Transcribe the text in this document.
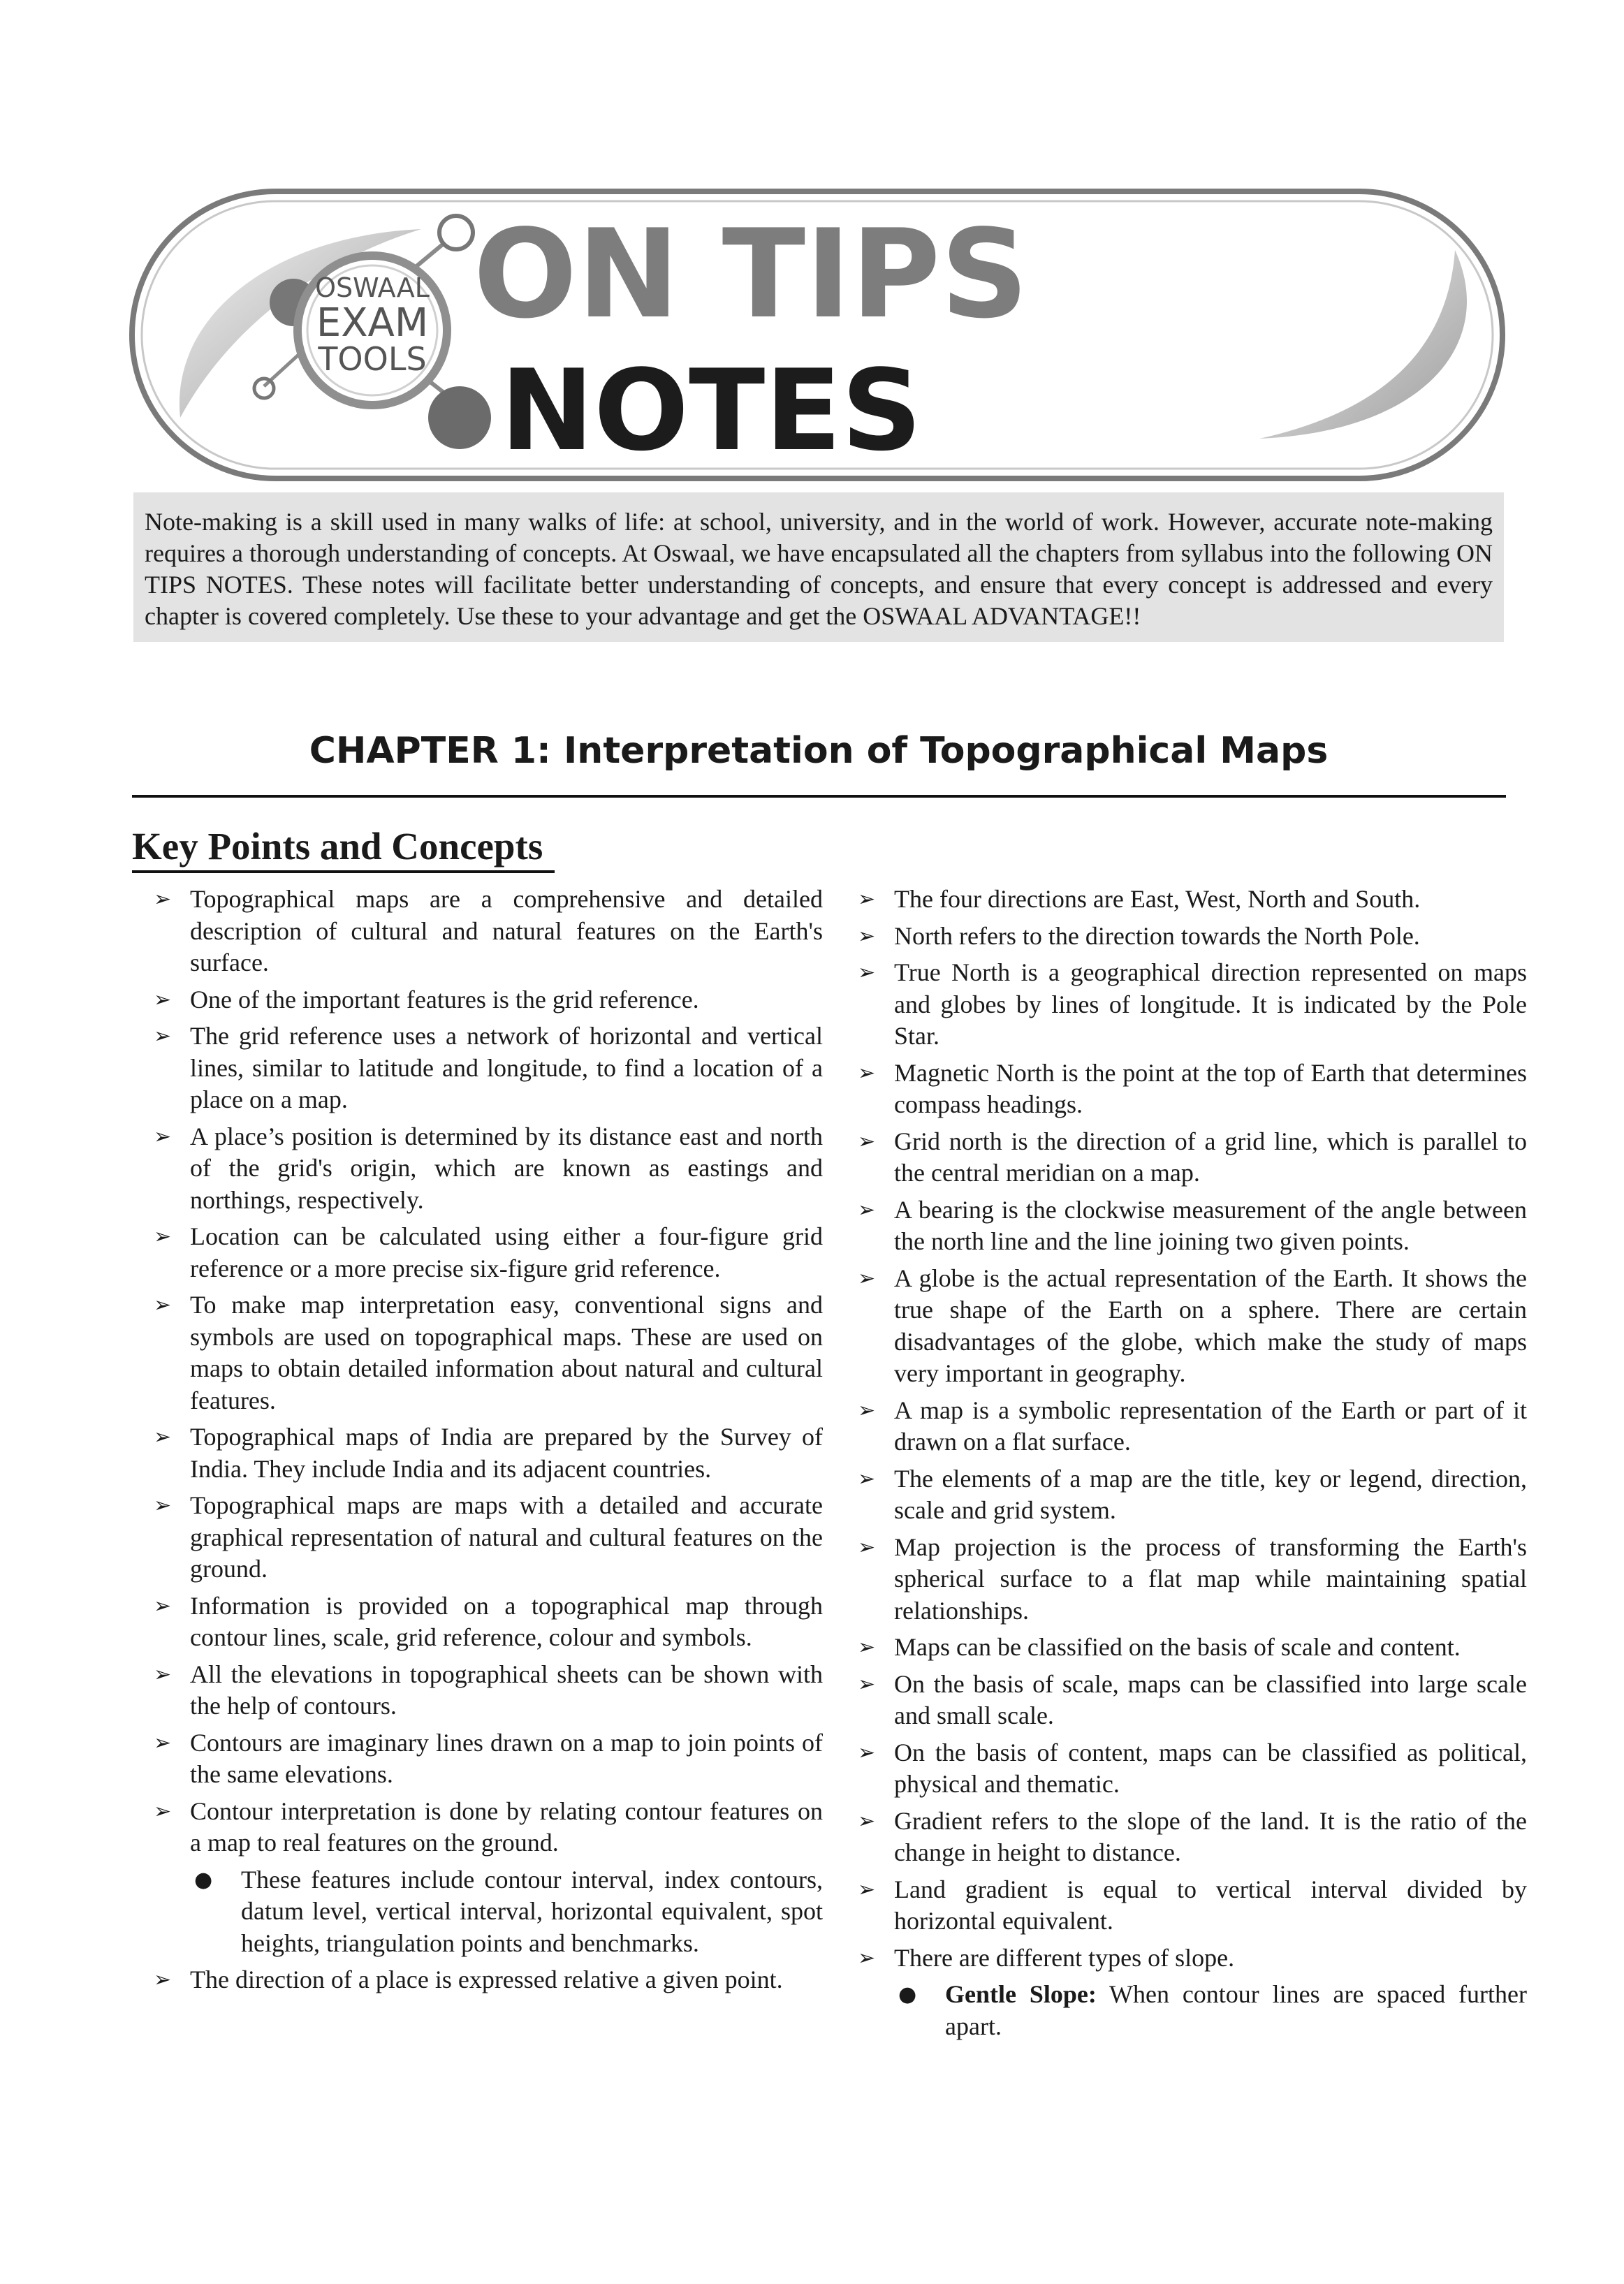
OSWAAL
EXAM
TOOLS
ON TIPS
NOTES
Note-making is a skill used in many walks of life: at school, university, and in the world of work. However, accurate note-making requires a thorough understanding of concepts. At Oswaal, we have encapsulated all the chapters from syllabus into the following ON TIPS NOTES. These notes will facilitate better understanding of concepts, and ensure that every concept is addressed and every chapter is covered completely. Use these to your advantage and get the OSWAAL ADVANTAGE!!
CHAPTER 1: Interpretation of Topographical Maps
Key Points and Concepts
➢ Topographical maps are a comprehensive and detailed description of cultural and natural features on the Earth's surface.
➢ One of the important features is the grid reference.
➢ The grid reference uses a network of horizontal and vertical lines, similar to latitude and longitude, to find a location of a place on a map.
➢ A place’s position is determined by its distance east and north of the grid's origin, which are known as eastings and northings, respectively.
➢ Location can be calculated using either a four-figure grid reference or a more precise six-figure grid reference.
➢ To make map interpretation easy, conventional signs and symbols are used on topographical maps. These are used on maps to obtain detailed information about natural and cultural features.
➢ Topographical maps of India are prepared by the Survey of India. They include India and its adjacent countries.
➢ Topographical maps are maps with a detailed and accurate graphical representation of natural and cultural features on the ground.
➢ Information is provided on a topographical map through contour lines, scale, grid reference, colour and symbols.
➢ All the elevations in topographical sheets can be shown with the help of contours.
➢ Contours are imaginary lines drawn on a map to join points of the same elevations.
➢ Contour interpretation is done by relating contour features on a map to real features on the ground.
● These features include contour interval, index contours, datum level, vertical interval, horizontal equivalent, spot heights, triangulation points and benchmarks.
➢ The direction of a place is expressed relative a given point.
➢ The four directions are East, West, North and South.
➢ North refers to the direction towards the North Pole.
➢ True North is a geographical direction represented on maps and globes by lines of longitude. It is indicated by the Pole Star.
➢ Magnetic North is the point at the top of Earth that determines compass headings.
➢ Grid north is the direction of a grid line, which is parallel to the central meridian on a map.
➢ A bearing is the clockwise measurement of the angle between the north line and the line joining two given points.
➢ A globe is the actual representation of the Earth. It shows the true shape of the Earth on a sphere. There are certain disadvantages of the globe, which make the study of maps very important in geography.
➢ A map is a symbolic representation of the Earth or part of it drawn on a flat surface.
➢ The elements of a map are the title, key or legend, direction, scale and grid system.
➢ Map projection is the process of transforming the Earth's spherical surface to a flat map while maintaining spatial relationships.
➢ Maps can be classified on the basis of scale and content.
➢ On the basis of scale, maps can be classified into large scale and small scale.
➢ On the basis of content, maps can be classified as political, physical and thematic.
➢ Gradient refers to the slope of the land. It is the ratio of the change in height to distance.
➢ Land gradient is equal to vertical interval divided by horizontal equivalent.
➢ There are different types of slope.
● Gentle Slope: When contour lines are spaced further apart.
